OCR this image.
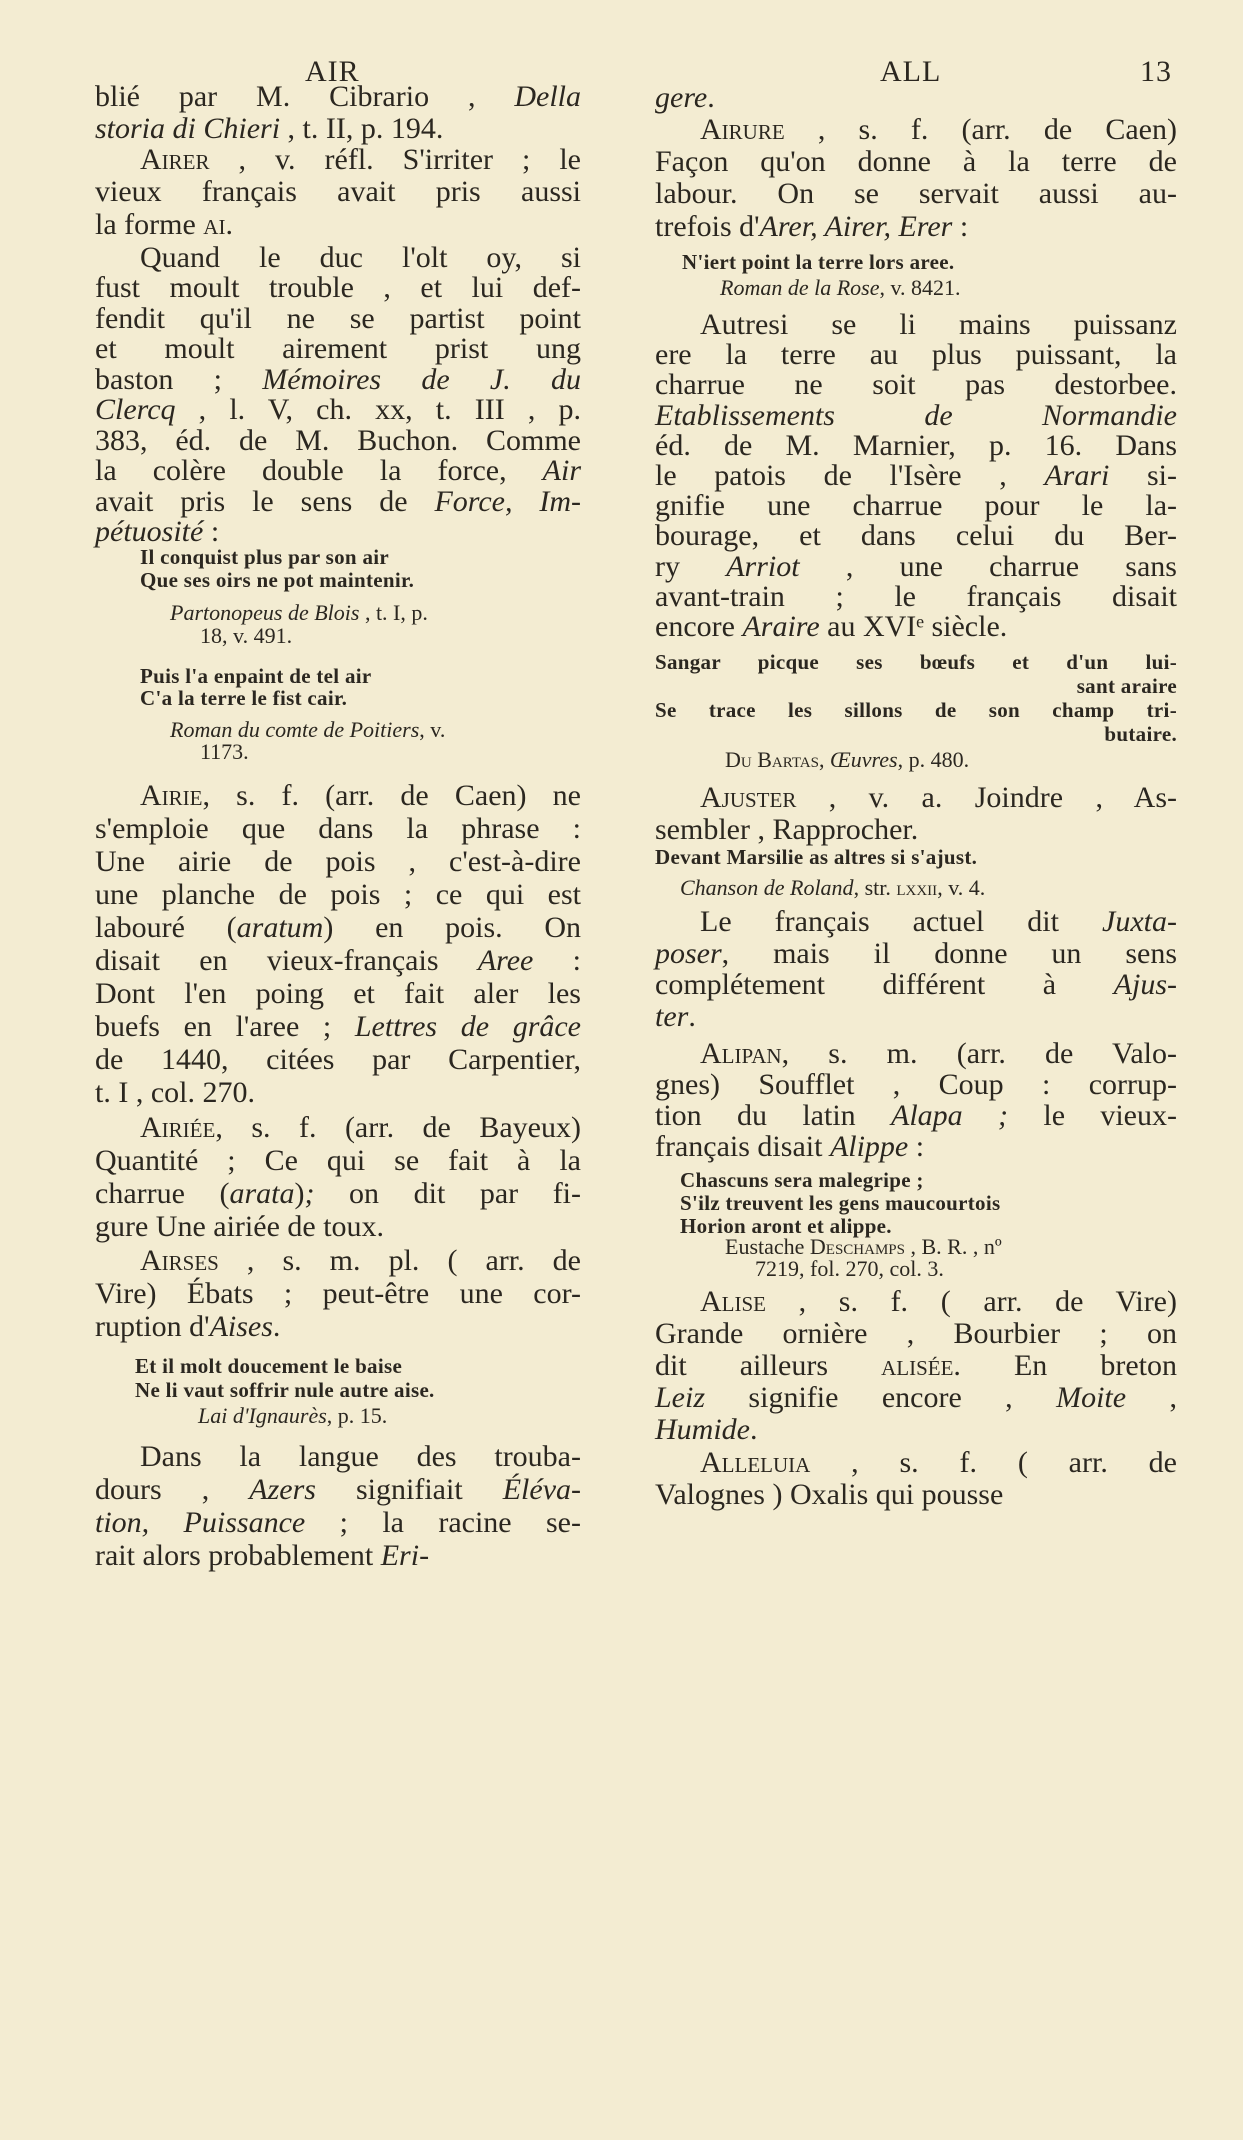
AIR	ALL	13
blié par M. Cibrario , Della
storia di Chieri , t. II, p. 194.
Airer , v. réfl. S'irriter ; le
vieux français avait pris aussi
la forme ai.
Quand le duc l'olt oy, si
fust moult trouble , et lui def-
fendit qu'il ne se partist point
et moult airement prist ung
baston ; Mémoires de J. du
Clercq , l. V, ch. xx, t. III , p.
383, éd. de M. Buchon. Comme
la colère double la force, Air
avait pris le sens de Force, Im-
pétuosité :
Il conquist plus par son air
Que ses oirs ne pot maintenir.
Partonopeus de Blois , t. I, p.
18, v. 491.
Puis l'a enpaint de tel air
C'a la terre le fist cair.
Roman du comte de Poitiers, v.
1173.
Airie, s. f. (arr. de Caen) ne
s'emploie que dans la phrase :
Une airie de pois , c'est-à-dire
une planche de pois ; ce qui est
labouré (aratum) en pois. On
disait en vieux-français Aree :
Dont l'en poing et fait aler les
buefs en l'aree ; Lettres de grâce
de 1440, citées par Carpentier,
t. I , col. 270.
Airiée, s. f. (arr. de Bayeux)
Quantité ; Ce qui se fait à la
charrue (arata); on dit par fi-
gure Une airiée de toux.
Airses , s. m. pl. ( arr. de
Vire) Ébats ; peut-être une cor-
ruption d'Aises.
Et il molt doucement le baise
Ne li vaut soffrir nule autre aise.
Lai d'Ignaurès, p. 15.
Dans la langue des trouba-
dours , Azers signifiait Éléva-
tion, Puissance ; la racine se-
rait alors probablement Eri-
gere.
Airure , s. f. (arr. de Caen)
Façon qu'on donne à la terre de
labour. On se servait aussi au-
trefois d'Arer, Airer, Erer :
N'iert point la terre lors aree.
Roman de la Rose, v. 8421.
Autresi se li mains puissanz
ere la terre au plus puissant, la
charrue ne soit pas destorbee.
Etablissements de Normandie
éd. de M. Marnier, p. 16. Dans
le patois de l'Isère , Arari si-
gnifie une charrue pour le la-
bourage, et dans celui du Ber-
ry Arriot , une charrue sans
avant-train ; le français disait
encore Araire au XVIᵉ siècle.
Sangar picque ses bœufs et d'un lui-
sant araire
Se trace les sillons de son champ tri-
butaire.
Du Bartas, Œuvres, p. 480.
Ajuster , v. a. Joindre , As-
sembler , Rapprocher.
Devant Marsilie as altres si s'ajust.
Chanson de Roland, str. lxxii, v. 4.
Le français actuel dit Juxta-
poser, mais il donne un sens
complétement différent à Ajus-
ter.
Alipan, s. m. (arr. de Valo-
gnes) Soufflet , Coup : corrup-
tion du latin Alapa ; le vieux-
français disait Alippe :
Chascuns sera malegripe ;
S'ilz treuvent les gens maucourtois
Horion aront et alippe.
Eustache Deschamps , B. R. , nº
7219, fol. 270, col. 3.
Alise , s. f. ( arr. de Vire)
Grande ornière , Bourbier ; on
dit ailleurs alisée. En breton
Leiz signifie encore , Moite ,
Humide.
Alleluia , s. f. ( arr. de
Valognes ) Oxalis qui pousse
